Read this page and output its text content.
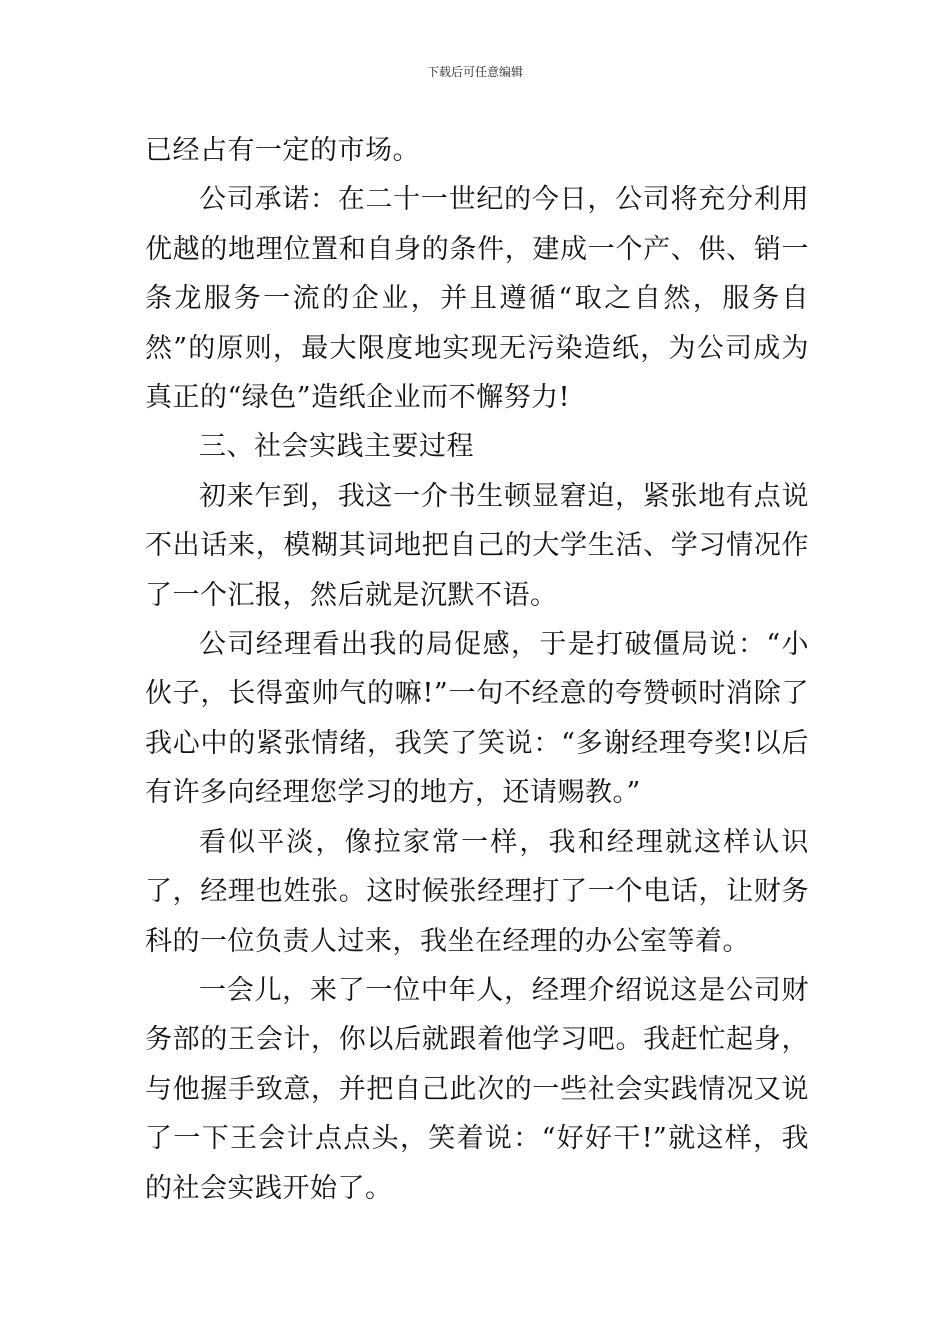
下载后可任意编辑

已经占有一定的市场。

公司承诺：在二十一世纪的今日，公司将充分利用优越的地理位置和自身的条件，建成一个产、供、销一条龙服务一流的企业，并且遵循“取之自然，服务自然”的原则，最大限度地实现无污染造纸，为公司成为真正的“绿色”造纸企业而不懈努力!

三、社会实践主要过程

初来乍到，我这一介书生顿显窘迫，紧张地有点说不出话来，模糊其词地把自己的大学生活、学习情况作了一个汇报，然后就是沉默不语。

公司经理看出我的局促感，于是打破僵局说：“小伙子，长得蛮帅气的嘛!”一句不经意的夸赞顿时消除了我心中的紧张情绪，我笑了笑说：“多谢经理夸奖!以后有许多向经理您学习的地方，还请赐教。”

看似平淡，像拉家常一样，我和经理就这样认识了，经理也姓张。这时候张经理打了一个电话，让财务科的一位负责人过来，我坐在经理的办公室等着。

一会儿，来了一位中年人，经理介绍说这是公司财务部的王会计，你以后就跟着他学习吧。我赶忙起身，与他握手致意，并把自己此次的一些社会实践情况又说了一下王会计点点头，笑着说：“好好干!”就这样，我的社会实践开始了。
